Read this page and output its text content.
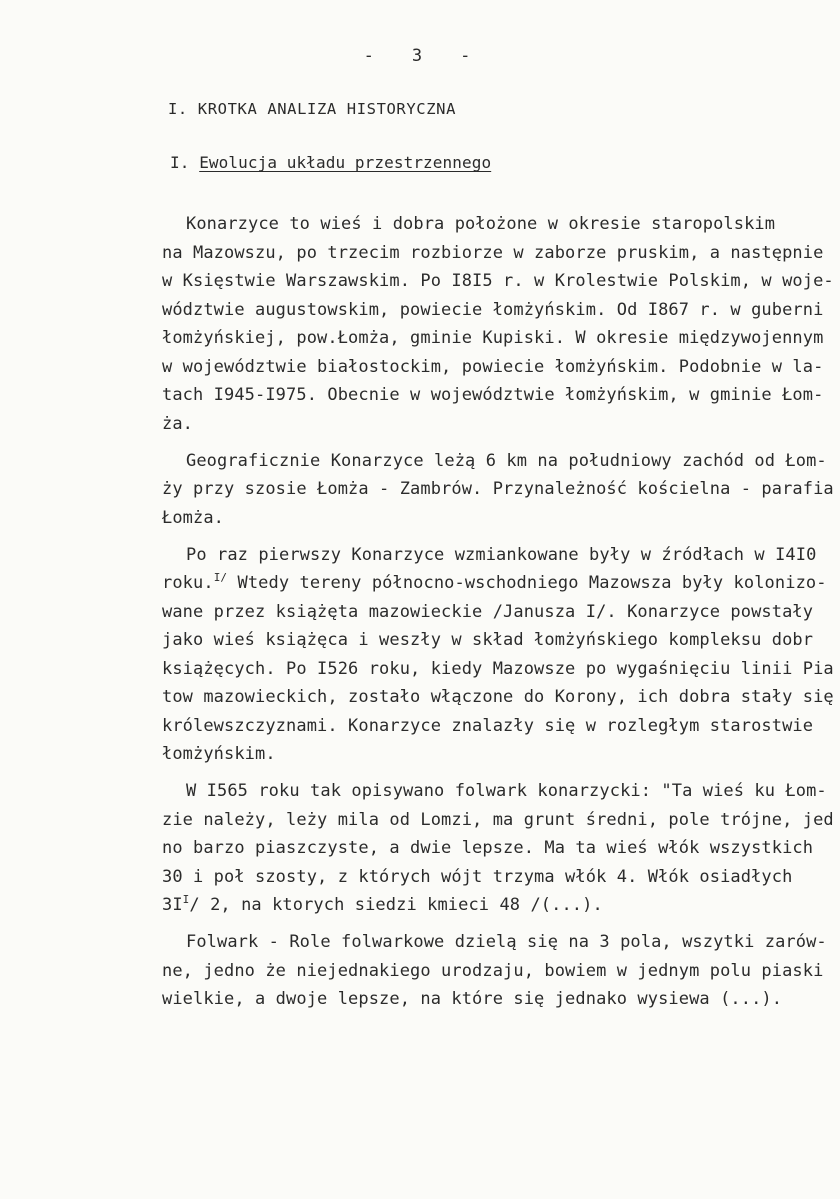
- 3 -
I. KROTKA ANALIZA HISTORYCZNA
I. Ewolucja układu przestrzennego
Konarzyce to wieś i dobra położone w okresie staropolskim
na Mazowszu, po trzecim rozbiorze w zaborze pruskim, a następnie
w Księstwie Warszawskim. Po I8I5 r. w Krolestwie Polskim, w woje-
wództwie augustowskim, powiecie łomżyńskim. Od I867 r. w guberni
łomżyńskiej, pow.Łomża, gminie Kupiski. W okresie międzywojennym
w województwie białostockim, powiecie łomżyńskim. Podobnie w la-
tach I945-I975. Obecnie w województwie łomżyńskim, w gminie Łom-
ża.
Geograficznie Konarzyce leżą 6 km na południowy zachód od Łom-
ży przy szosie Łomża - Zambrów. Przynależność kościelna - parafia
Łomża.
Po raz pierwszy Konarzyce wzmiankowane były w źródłach w I4I0
roku.$^{I/}$ Wtedy tereny północno-wschodniego Mazowsza były kolonizo-
wane przez książęta mazowieckie /Janusza I/. Konarzyce powstały
jako wieś książęca i weszły w skład łomżyńskiego kompleksu dobr
książęcych. Po I526 roku, kiedy Mazowsze po wygaśnięciu linii Pia
tow mazowieckich, zostało włączone do Korony, ich dobra stały się
królewszczyznami. Konarzyce znalazły się w rozległym starostwie
łomżyńskim.
W I565 roku tak opisywano folwark konarzycki: "Ta wieś ku Łom-
zie należy, leży mila od Lomzi, ma grunt średni, pole trójne, jed
no barzo piaszczyste, a dwie lepsze. Ma ta wieś włók wszystkich
30 i poł szosty, z których wójt trzyma włók 4. Włók osiadłych
$3I^I/$ 2, na ktorych siedzi kmieci 48 /(...).
Folwark - Role folwarkowe dzielą się na 3 pola, wszytki zarów-
ne, jedno że niejednakiego urodzaju, bowiem w jednym polu piaski
wielkie, a dwoje lepsze, na które się jednako wysiewa (...).
